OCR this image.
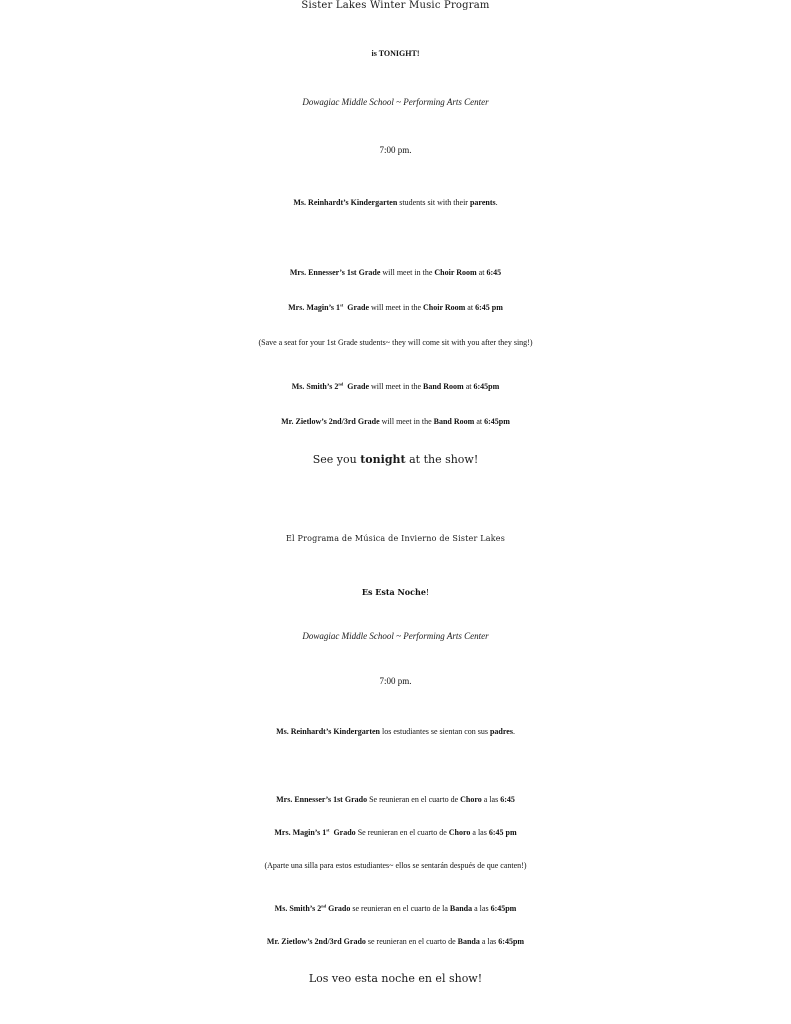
Sister Lakes Winter Music Program
is TONIGHT!
Dowagiac Middle School ~ Performing Arts Center
7:00 pm.
Ms. Reinhardt’s Kindergarten students sit with their parents.
Mrs. Ennesser’s 1st Grade will meet in the Choir Room at 6:45
Mrs. Magin’s 1st  Grade will meet in the Choir Room at 6:45 pm
(Save a seat for your 1st Grade students~ they will come sit with you after they sing!)
Ms. Smith’s 2nd  Grade will meet in the Band Room at 6:45pm
Mr. Zietlow’s 2nd/3rd Grade will meet in the Band Room at 6:45pm
See you tonight at the show!
El Programa de Música de Invierno de Sister Lakes
Es Esta Noche!
Dowagiac Middle School ~ Performing Arts Center
7:00 pm.
Ms. Reinhardt’s Kindergarten los estudiantes se sientan con sus padres.
Mrs. Ennesser’s 1st Grado Se reunieran en el cuarto de Choro a las 6:45
Mrs. Magin’s 1st  Grado Se reunieran en el cuarto de Choro a las 6:45 pm
(Aparte una silla para estos estudiantes~ ellos se sentarán después de que canten!)
Ms. Smith’s 2nd Grado se reunieran en el cuarto de la Banda a las 6:45pm
Mr. Zietlow’s 2nd/3rd Grado se reunieran en el cuarto de Banda a las 6:45pm
Los veo esta noche en el show!
